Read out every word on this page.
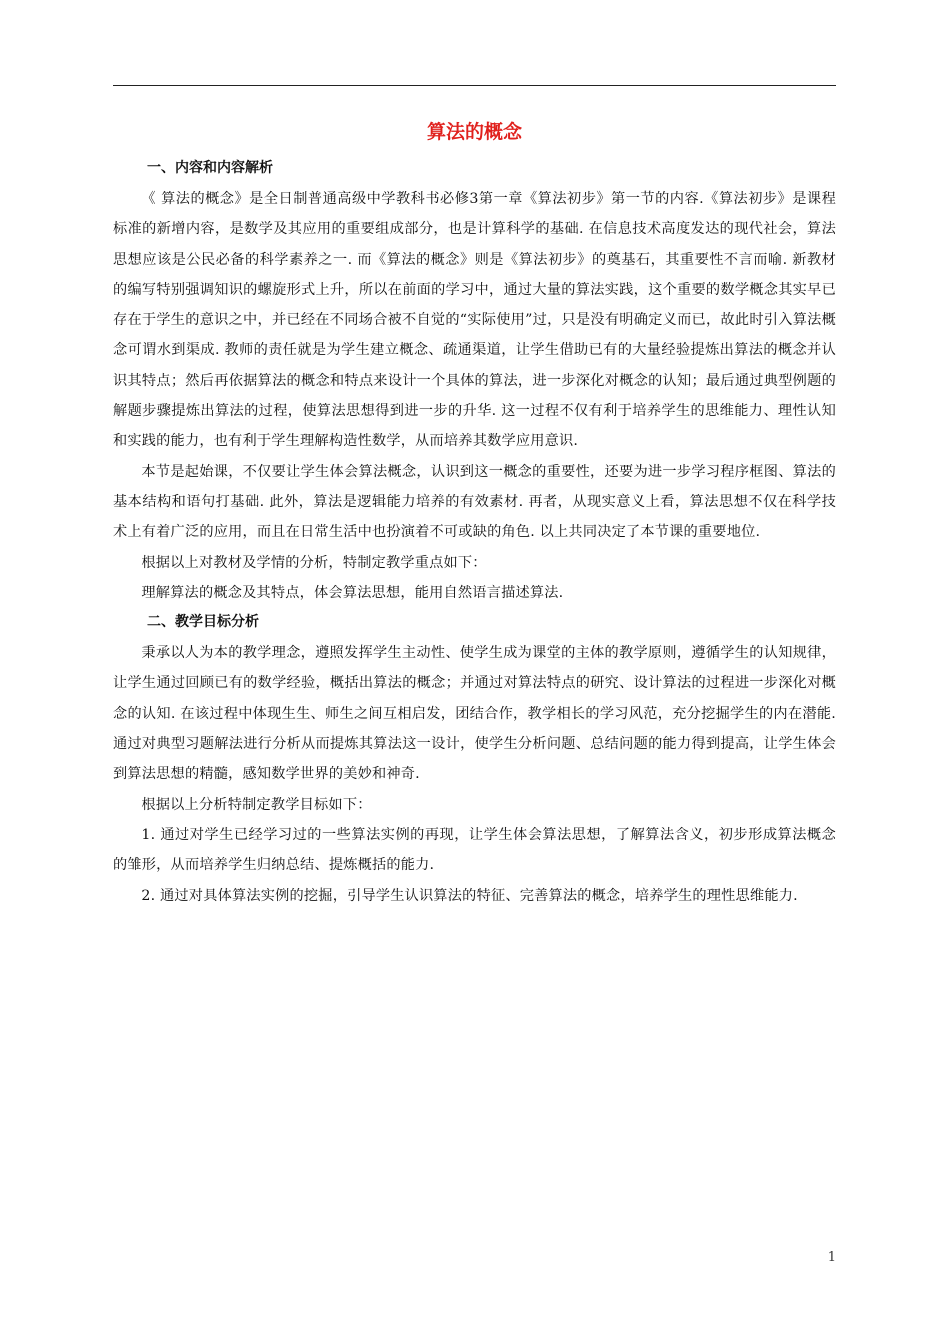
算法的概念
一、内容和内容解析

《 算法的概念》是全日制普通高级中学教科书必修3第一章《算法初步》第一节的内容.《算法初步》是课程标准的新增内容，是数学及其应用的重要组成部分，也是计算科学的基础. 在信息技术高度发达的现代社会，算法思想应该是公民必备的科学素养之一. 而《算法的概念》则是《算法初步》的奠基石，其重要性不言而喻. 新教材的编写特别强调知识的螺旋形式上升，所以在前面的学习中，通过大量的算法实践，这个重要的数学概念其实早已存在于学生的意识之中，并已经在不同场合被不自觉的“实际使用”过，只是没有明确定义而已，故此时引入算法概念可谓水到渠成. 教师的责任就是为学生建立概念、疏通渠道，让学生借助已有的大量经验提炼出算法的概念并认识其特点；然后再依据算法的概念和特点来设计一个具体的算法，进一步深化对概念的认知；最后通过典型例题的解题步骤提炼出算法的过程，使算法思想得到进一步的升华. 这一过程不仅有利于培养学生的思维能力、理性认知和实践的能力，也有利于学生理解构造性数学，从而培养其数学应用意识.

本节是起始课，不仅要让学生体会算法概念，认识到这一概念的重要性，还要为进一步学习程序框图、算法的基本结构和语句打基础. 此外，算法是逻辑能力培养的有效素材. 再者，从现实意义上看，算法思想不仅在科学技术上有着广泛的应用，而且在日常生活中也扮演着不可或缺的角色. 以上共同决定了本节课的重要地位.

根据以上对教材及学情的分析，特制定教学重点如下：

理解算法的概念及其特点，体会算法思想，能用自然语言描述算法.

二、教学目标分析

秉承以人为本的教学理念，遵照发挥学生主动性、使学生成为课堂的主体的教学原则，遵循学生的认知规律，让学生通过回顾已有的数学经验，概括出算法的概念；并通过对算法特点的研究、设计算法的过程进一步深化对概念的认知. 在该过程中体现生生、师生之间互相启发，团结合作，教学相长的学习风范，充分挖掘学生的内在潜能. 通过对典型习题解法进行分析从而提炼其算法这一设计，使学生分析问题、总结问题的能力得到提高，让学生体会到算法思想的精髓，感知数学世界的美妙和神奇.

根据以上分析特制定教学目标如下：

1. 通过对学生已经学习过的一些算法实例的再现，让学生体会算法思想，了解算法含义，初步形成算法概念的雏形，从而培养学生归纳总结、提炼概括的能力.

2. 通过对具体算法实例的挖掘，引导学生认识算法的特征、完善算法的概念，培养学生的理性思维能力.

1
